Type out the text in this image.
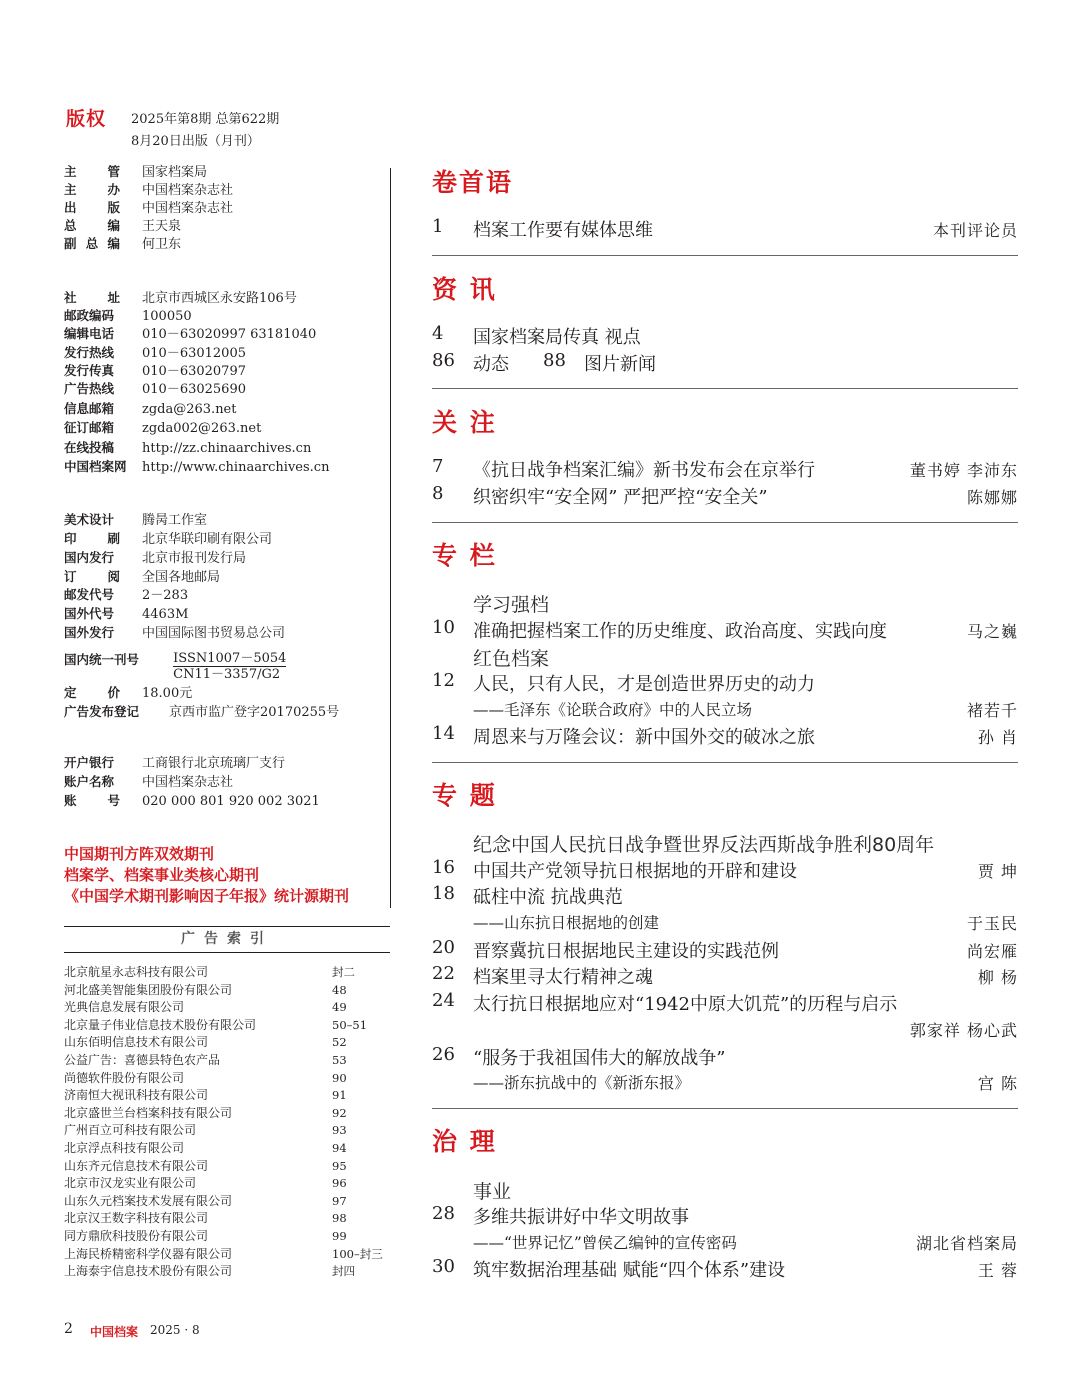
版权 2025年第8期 总第622期
8月20日出版（月刊）
主管 国家档案局
主办 中国档案杂志社
出版 中国档案杂志社
总编 王天泉
副总编 何卫东
社址 北京市西城区永安路106号
邮政编码 100050
编辑电话 010－63020997 63181040
发行热线 010－63012005
发行传真 010－63020797
广告热线 010－63025690
信息邮箱 zgda@263.net
征订邮箱 zgda002@263.net
在线投稿 http://zz.chinaarchives.cn
中国档案网 http://www.chinaarchives.cn
美术设计 腾昺工作室
印刷 北京华联印刷有限公司
国内发行 北京市报刊发行局
订阅 全国各地邮局
邮发代号 2－283
国外代号 4463M
国外发行 中国国际图书贸易总公司
国内统一刊号	ISSN1007－5054
CN11－3357/G2
定价 18.00元
广告发布登记 京西市监广登字20170255号
开户银行 工商银行北京琉璃厂支行
账户名称 中国档案杂志社
账号 020 000 801 920 002 3021
中国期刊方阵双效期刊
档案学、档案事业类核心期刊
《中国学术期刊影响因子年报》统计源期刊
广告索引
北京航星永志科技有限公司	封二
河北盛美智能集团股份有限公司	48
光典信息发展有限公司	49
北京量子伟业信息技术股份有限公司	50–51
山东佰明信息技术有限公司	52
公益广告：喜德县特色农产品	53
尚德软件股份有限公司	90
济南恒大视讯科技有限公司	91
北京盛世兰台档案科技有限公司	92
广州百立可科技有限公司	93
北京浮点科技有限公司	94
山东齐元信息技术有限公司	95
北京市汉龙实业有限公司	96
山东久元档案技术发展有限公司	97
北京汉王数字科技有限公司	98
同方鼎欣科技股份有限公司	99
上海民桥精密科学仪器有限公司	100–封三
上海泰宇信息技术股份有限公司	封四
2 中国档案 2025 · 8
卷首语
1 档案工作要有媒体思维	本刊评论员
资 讯
4 国家档案局传真 视点
86 动态 88 图片新闻
关 注
7 《抗日战争档案汇编》新书发布会在京举行	董书婷 李沛东
8 织密织牢“安全网” 严把严控“安全关”	陈娜娜
专 栏
学习强档
10 准确把握档案工作的历史维度、政治高度、实践向度	马之巍
红色档案
12 人民，只有人民，才是创造世界历史的动力
——毛泽东《论联合政府》中的人民立场	褚若千
14 周恩来与万隆会议：新中国外交的破冰之旅	孙 肖
专 题
纪念中国人民抗日战争暨世界反法西斯战争胜利80周年
16 中国共产党领导抗日根据地的开辟和建设	贾 坤
18 砥柱中流 抗战典范
——山东抗日根据地的创建	于玉民
20 晋察冀抗日根据地民主建设的实践范例	尚宏雁
22 档案里寻太行精神之魂	柳 杨
24 太行抗日根据地应对“1942中原大饥荒”的历程与启示
郭家祥 杨心武
26 “服务于我祖国伟大的解放战争”
——浙东抗战中的《新浙东报》	宫 陈
治 理
事业
28 多维共振讲好中华文明故事
——“世界记忆”曾侯乙编钟的宣传密码	湖北省档案局
30 筑牢数据治理基础 赋能“四个体系”建设	王 蓉
